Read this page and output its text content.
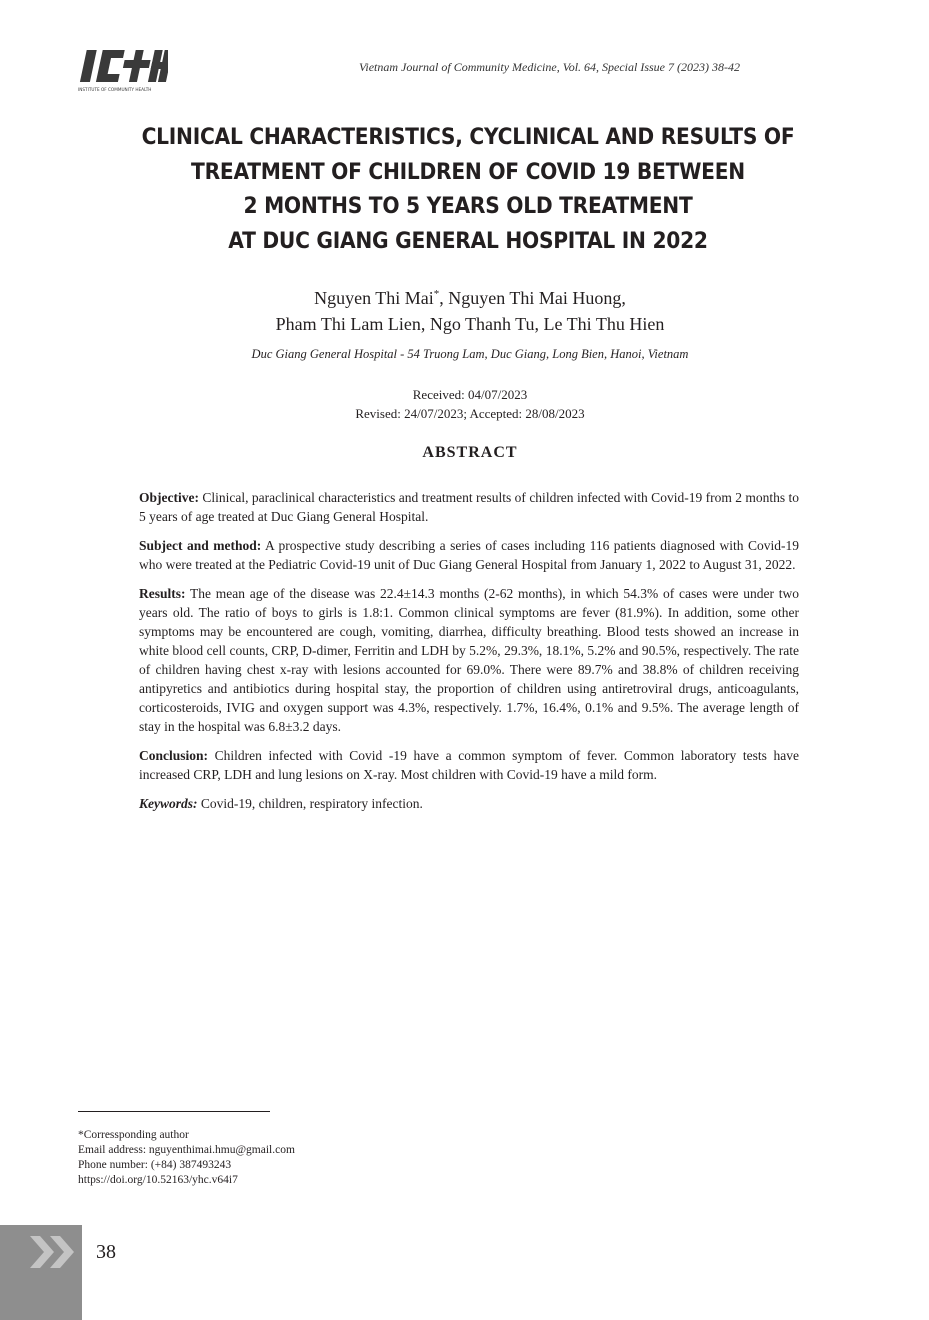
INSTITUTE OF COMMUNITY HEALTH
Vietnam Journal of Community Medicine, Vol. 64, Special Issue 7 (2023) 38-42
CLINICAL CHARACTERISTICS, CYCLINICAL AND RESULTS OF
TREATMENT OF CHILDREN OF COVID 19 BETWEEN
2 MONTHS TO 5 YEARS OLD TREATMENT
AT DUC GIANG GENERAL HOSPITAL IN 2022
Nguyen Thi Mai*, Nguyen Thi Mai Huong,
Pham Thi Lam Lien, Ngo Thanh Tu, Le Thi Thu Hien
Duc Giang General Hospital - 54 Truong Lam, Duc Giang, Long Bien, Hanoi, Vietnam
Received: 04/07/2023
Revised: 24/07/2023; Accepted: 28/08/2023
ABSTRACT

Objective: Clinical, paraclinical characteristics and treatment results of children infected with Covid-19 from 2 months to 5 years of age treated at Duc Giang General Hospital.

Subject and method: A prospective study describing a series of cases including 116 patients diagnosed with Covid-19 who were treated at the Pediatric Covid-19 unit of Duc Giang General Hospital from January 1, 2022 to August 31, 2022.

Results: The mean age of the disease was 22.4±14.3 months (2-62 months), in which 54.3% of cases were under two years old. The ratio of boys to girls is 1.8:1. Common clinical symptoms are fever (81.9%). In addition, some other symptoms may be encountered are cough, vomiting, diarrhea, difficulty breathing. Blood tests showed an increase in white blood cell counts, CRP, D-dimer, Ferritin and LDH by 5.2%, 29.3%, 18.1%, 5.2% and 90.5%, respectively. The rate of children having chest x-ray with lesions accounted for 69.0%. There were 89.7% and 38.8% of children receiving antipyretics and antibiotics during hospital stay, the proportion of children using antiretroviral drugs, anticoagulants, corticosteroids, IVIG and oxygen support was 4.3%, respectively. 1.7%, 16.4%, 0.1% and 9.5%. The average length of stay in the hospital was 6.8±3.2 days.

Conclusion: Children infected with Covid -19 have a common symptom of fever. Common laboratory tests have increased CRP, LDH and lung lesions on X-ray. Most children with Covid-19 have a mild form.

Keywords: Covid-19, children, respiratory infection.

*Corressponding author
Email address: nguyenthimai.hmu@gmail.com
Phone number: (+84) 387493243
https://doi.org/10.52163/yhc.v64i7
38
